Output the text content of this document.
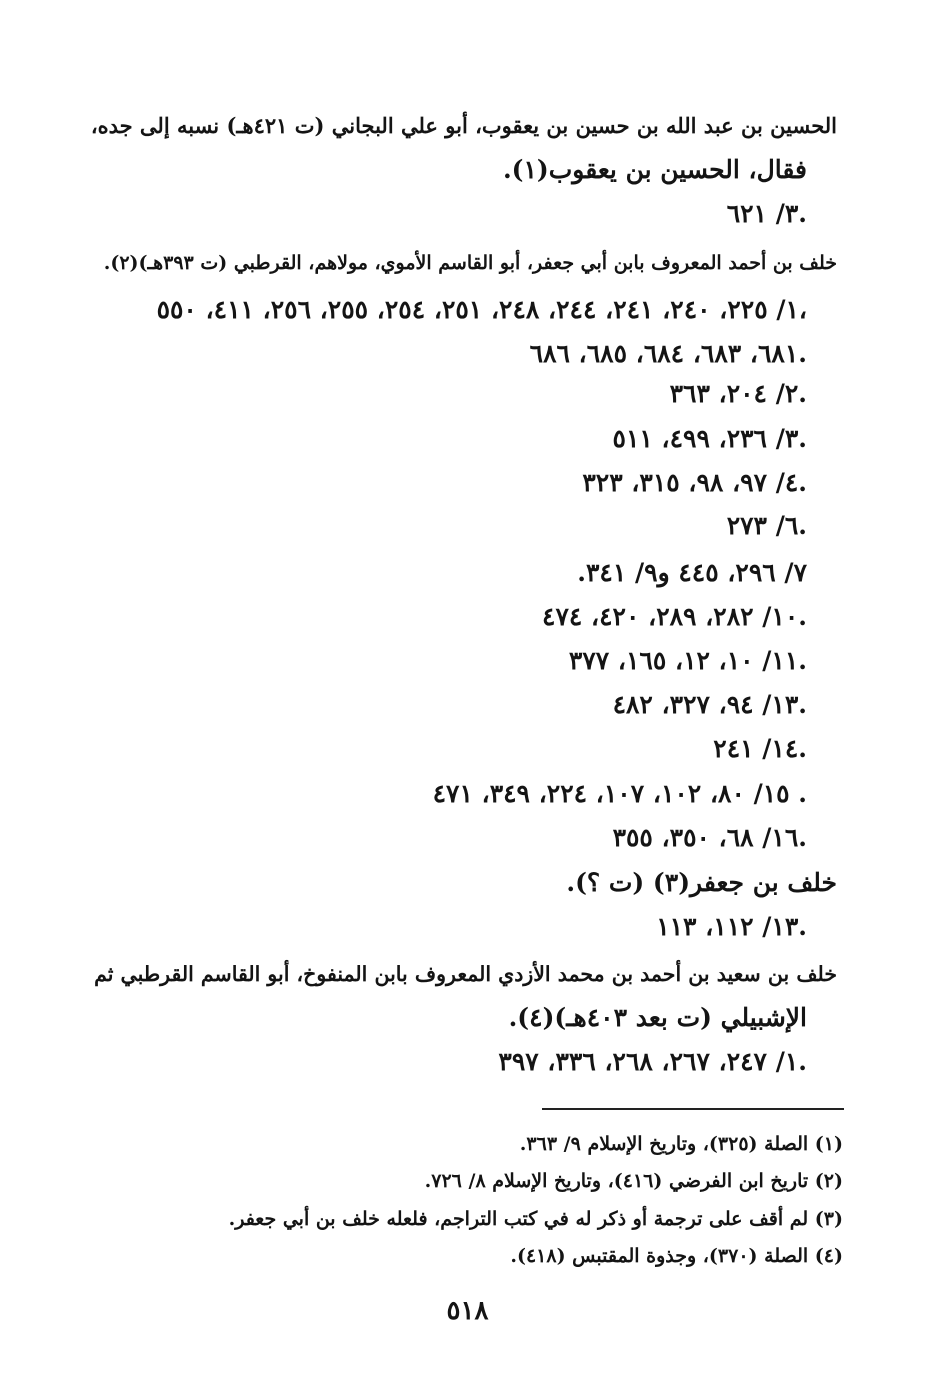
الحسين بن عبد الله بن حسين بن يعقوب، أبو علي البجاني (ت ٤٢١هـ) نسبه إلى جده،
فقال، الحسين بن يعقوب(١).
٣/ ٦٢١.
خلف بن أحمد المعروف بابن أبي جعفر، أبو القاسم الأموي، مولاهم، القرطبي (ت ٣٩٣هـ)(٢).
١/ ٢٢٥، ٢٤٠، ٢٤١، ٢٤٤، ٢٤٨، ٢٥١، ٢٥٤، ٢٥٥، ٢٥٦، ٤١١، ٥٥٠،
٦٨١، ٦٨٣، ٦٨٤، ٦٨٥، ٦٨٦.
٢/ ٢٠٤، ٣٦٣.
٣/ ٢٣٦، ٤٩٩، ٥١١.
٤/ ٩٧، ٩٨، ٣١٥، ٣٢٣.
٦/ ٢٧٣.
٧/ ٢٩٦، ٤٤٥ و٩/ ٣٤١.
١٠/ ٢٨٢، ٢٨٩، ٤٢٠، ٤٧٤.
١١/ ١٠، ١٢، ١٦٥، ٣٧٧.
١٣/ ٩٤، ٣٢٧، ٤٨٢.
١٤/ ٢٤١.
١٥/ ٨٠، ١٠٢، ١٠٧، ٢٢٤، ٣٤٩، ٤٧١ .
١٦/ ٦٨، ٣٥٠، ٣٥٥.
خلف بن جعفر(٣) (ت ؟).
١٣/ ١١٢، ١١٣.
خلف بن سعيد بن أحمد بن محمد الأزدي المعروف بابن المنفوخ، أبو القاسم القرطبي ثم
الإشبيلي (ت بعد ٤٠٣هـ)(٤).
١/ ٢٤٧، ٢٦٧، ٢٦٨، ٣٣٦، ٣٩٧.
(١) الصلة (٣٢٥)، وتاريخ الإسلام ٩/ ٣٦٣.
(٢) تاريخ ابن الفرضي (٤١٦)، وتاريخ الإسلام ٨/ ٧٢٦.
(٣) لم أقف على ترجمة أو ذكر له في كتب التراجم، فلعله خلف بن أبي جعفر.
(٤) الصلة (٣٧٠)، وجذوة المقتبس (٤١٨).
٥١٨
